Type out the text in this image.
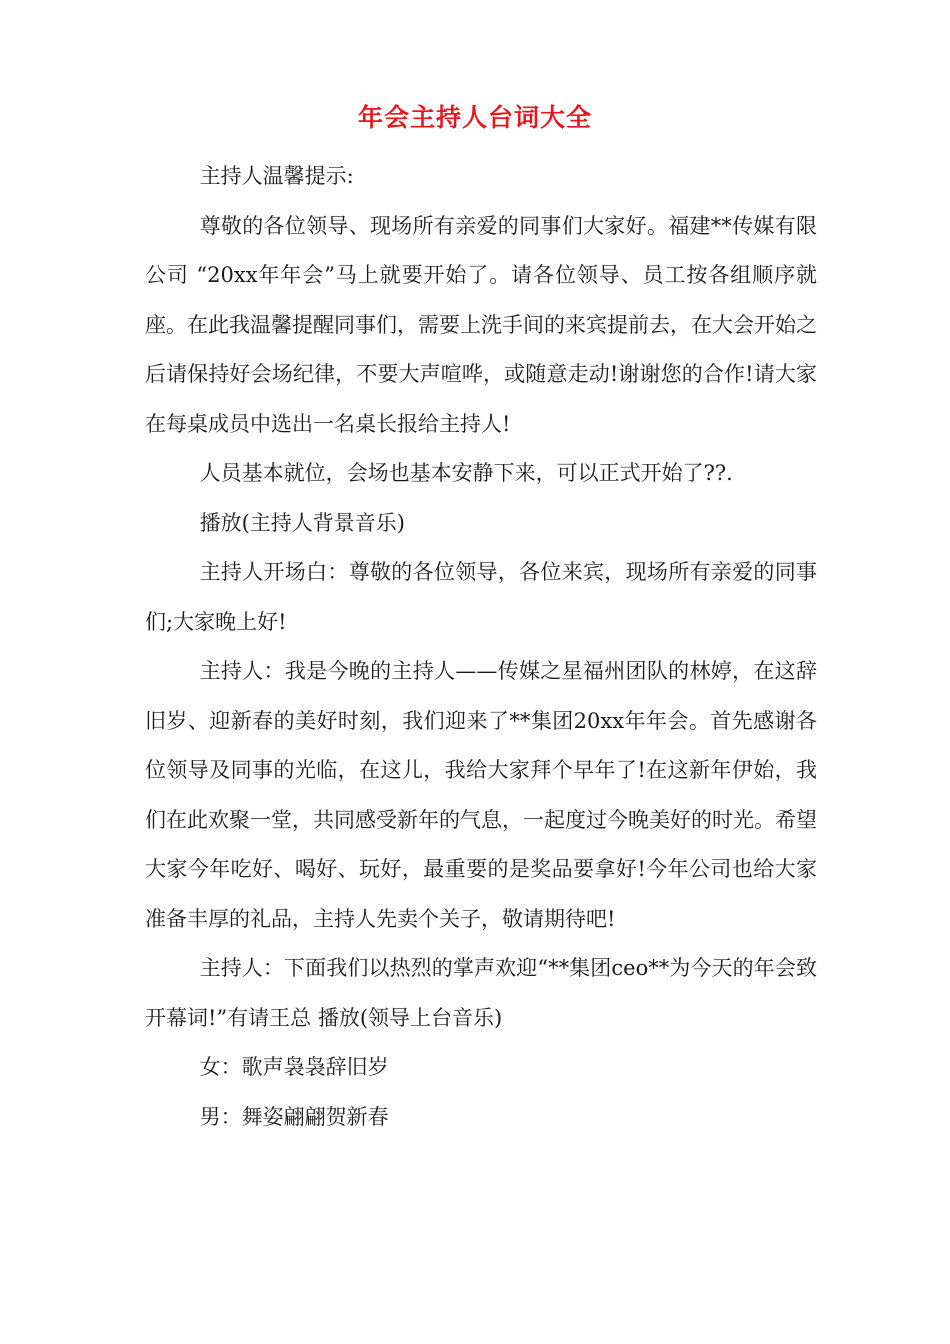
年会主持人台词大全

主持人温馨提示:

尊敬的各位领导、现场所有亲爱的同事们大家好。福建**传媒有限公司 “20xx年年会”马上就要开始了。请各位领导、员工按各组顺序就座。在此我温馨提醒同事们，需要上洗手间的来宾提前去，在大会开始之后请保持好会场纪律，不要大声喧哗，或随意走动!谢谢您的合作!请大家在每桌成员中选出一名桌长报给主持人!

人员基本就位，会场也基本安静下来，可以正式开始了??.

播放(主持人背景音乐)

主持人开场白：尊敬的各位领导，各位来宾，现场所有亲爱的同事们;大家晚上好!

主持人：我是今晚的主持人——传媒之星福州团队的林婷，在这辞旧岁、迎新春的美好时刻，我们迎来了**集团20xx年年会。首先感谢各位领导及同事的光临，在这儿，我给大家拜个早年了!在这新年伊始，我们在此欢聚一堂，共同感受新年的气息，一起度过今晚美好的时光。希望大家今年吃好、喝好、玩好，最重要的是奖品要拿好!今年公司也给大家准备丰厚的礼品，主持人先卖个关子，敬请期待吧!

主持人：下面我们以热烈的掌声欢迎“**集团ceo**为今天的年会致开幕词!”有请王总 播放(领导上台音乐)

女：歌声袅袅辞旧岁

男：舞姿翩翩贺新春
